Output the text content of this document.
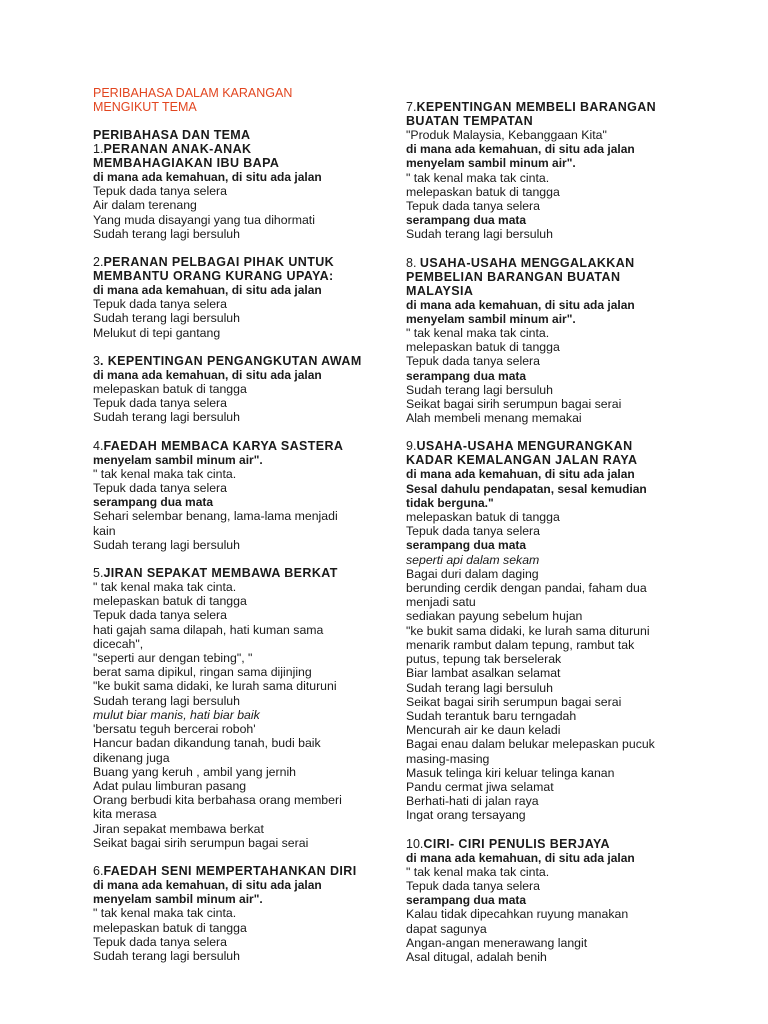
PERIBAHASA DALAM KARANGAN
MENGIKUT TEMA
PERIBAHASA DAN TEMA
1.PERANAN ANAK-ANAK
MEMBAHAGIAKAN IBU BAPA
di mana ada kemahuan, di situ ada jalan
Tepuk dada tanya selera
Air dalam terenang
Yang muda disayangi yang tua dihormati
Sudah terang lagi bersuluh
2.PERANAN PELBAGAI PIHAK UNTUK
MEMBANTU ORANG KURANG UPAYA:
di mana ada kemahuan, di situ ada jalan
Tepuk dada tanya selera
Sudah terang lagi bersuluh
Melukut di tepi gantang
3. KEPENTINGAN PENGANGKUTAN AWAM
di mana ada kemahuan, di situ ada jalan
melepaskan batuk di tangga
Tepuk dada tanya selera
Sudah terang lagi bersuluh
4.FAEDAH MEMBACA KARYA SASTERA
menyelam sambil minum air".
" tak kenal maka tak cinta.
Tepuk dada tanya selera
serampang dua mata
Sehari selembar benang, lama-lama menjadi
kain
Sudah terang lagi bersuluh
5.JIRAN SEPAKAT MEMBAWA BERKAT
" tak kenal maka tak cinta.
melepaskan batuk di tangga
Tepuk dada tanya selera
hati gajah sama dilapah, hati kuman sama
dicecah",
"seperti aur dengan tebing", "
berat sama dipikul, ringan sama dijinjing
"ke bukit sama didaki, ke lurah sama dituruni
Sudah terang lagi bersuluh
mulut biar manis, hati biar baik
'bersatu teguh bercerai roboh'
Hancur badan dikandung tanah, budi baik
dikenang juga
Buang yang keruh , ambil yang jernih
Adat pulau limburan pasang
Orang berbudi kita berbahasa orang memberi
kita merasa
Jiran sepakat membawa berkat
Seikat bagai sirih serumpun bagai serai
6.FAEDAH SENI MEMPERTAHANKAN DIRI
di mana ada kemahuan, di situ ada jalan
menyelam sambil minum air".
" tak kenal maka tak cinta.
melepaskan batuk di tangga
Tepuk dada tanya selera
Sudah terang lagi bersuluh
7.KEPENTINGAN MEMBELI BARANGAN
BUATAN TEMPATAN
"Produk Malaysia, Kebanggaan Kita"
di mana ada kemahuan, di situ ada jalan
menyelam sambil minum air".
" tak kenal maka tak cinta.
melepaskan batuk di tangga
Tepuk dada tanya selera
serampang dua mata
Sudah terang lagi bersuluh
8. USAHA-USAHA MENGGALAKKAN
PEMBELIAN BARANGAN BUATAN
MALAYSIA
di mana ada kemahuan, di situ ada jalan
menyelam sambil minum air".
" tak kenal maka tak cinta.
melepaskan batuk di tangga
Tepuk dada tanya selera
serampang dua mata
Sudah terang lagi bersuluh
Seikat bagai sirih serumpun bagai serai
Alah membeli menang memakai
9.USAHA-USAHA MENGURANGKAN
KADAR KEMALANGAN JALAN RAYA
di mana ada kemahuan, di situ ada jalan
Sesal dahulu pendapatan, sesal kemudian
tidak berguna."
melepaskan batuk di tangga
Tepuk dada tanya selera
serampang dua mata
seperti api dalam sekam
Bagai duri dalam daging
berunding cerdik dengan pandai, faham dua
menjadi satu
sediakan payung sebelum hujan
"ke bukit sama didaki, ke lurah sama dituruni
menarik rambut dalam tepung, rambut tak
putus, tepung tak berselerak
Biar lambat asalkan selamat
Sudah terang lagi bersuluh
Seikat bagai sirih serumpun bagai serai
Sudah terantuk baru terngadah
Mencurah air ke daun keladi
Bagai enau dalam belukar melepaskan pucuk
masing-masing
Masuk telinga kiri keluar telinga kanan
Pandu cermat jiwa selamat
Berhati-hati di jalan raya
Ingat orang tersayang
10.CIRI- CIRI PENULIS BERJAYA
di mana ada kemahuan, di situ ada jalan
" tak kenal maka tak cinta.
Tepuk dada tanya selera
serampang dua mata
Kalau tidak dipecahkan ruyung manakan
dapat sagunya
Angan-angan menerawang langit
Asal ditugal, adalah benih
